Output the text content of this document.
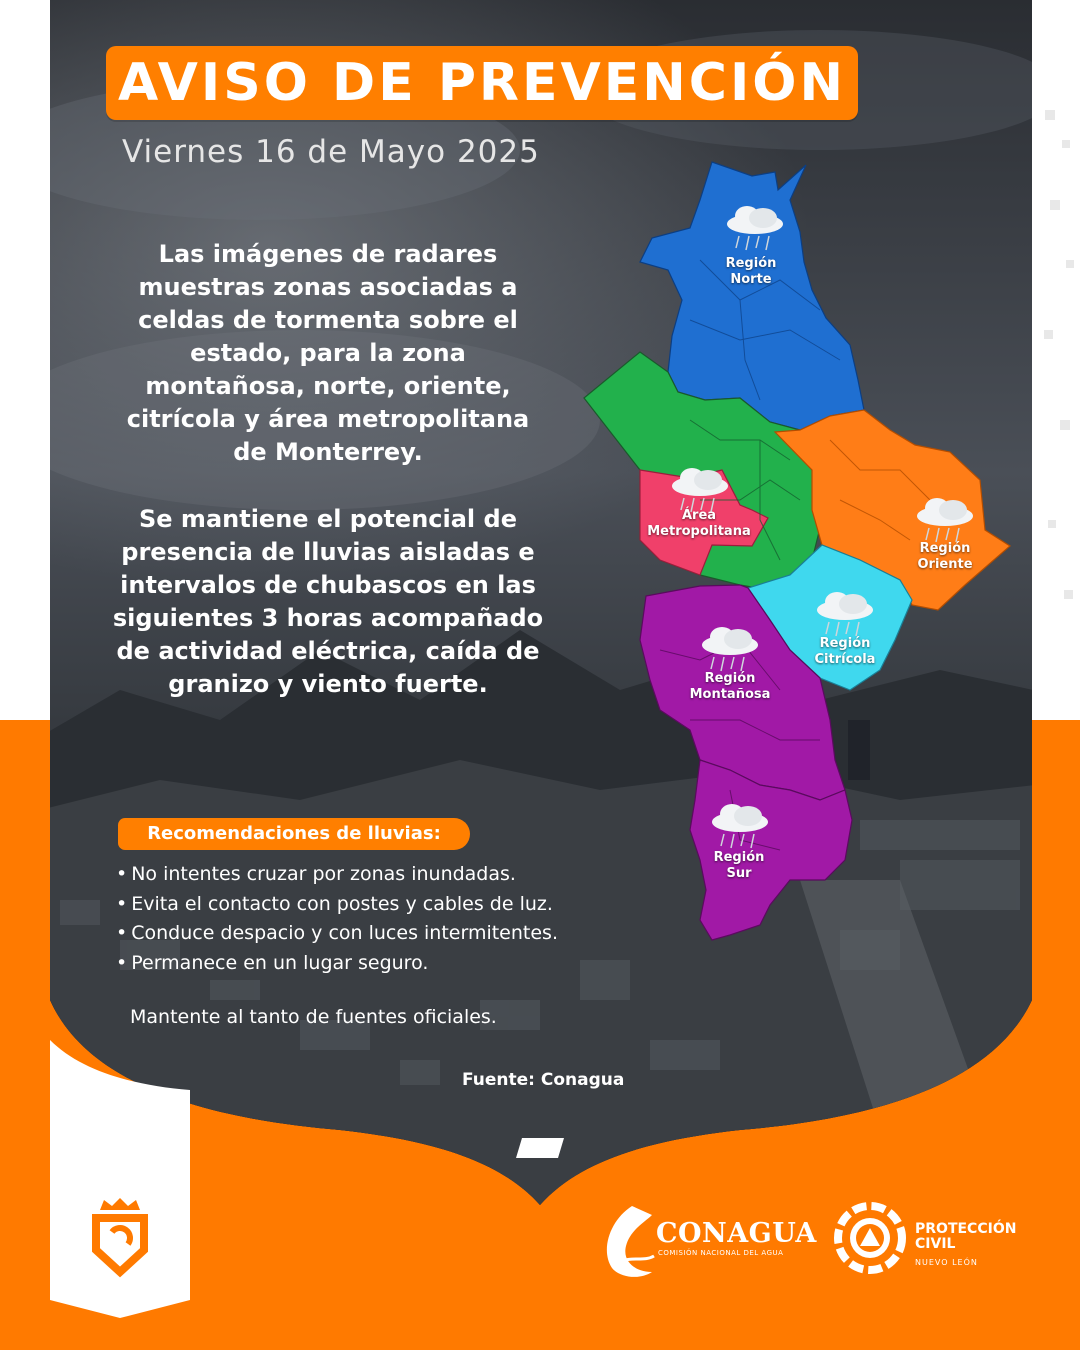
AVISO DE PREVENCIÓN
Viernes 16 de Mayo 2025
Las imágenes de radares muestras zonas asociadas a celdas de tormenta sobre el estado, para la zona montañosa, norte, oriente, citrícola y área metropolitana de Monterrey.
Se mantiene el potencial de presencia de lluvias aisladas e intervalos de chubascos en las siguientes 3 horas acompañado de actividad eléctrica, caída de granizo y viento fuerte.
Región
Norte
Área
Metropolitana
Región
Oriente
Región
Citrícola
Región
Montañosa
Región
Sur
Recomendaciones de lluvias:
• No intentes cruzar por zonas inundadas.
• Evita el contacto con postes y cables de luz.
• Conduce despacio y con luces intermitentes.
• Permanece en un lugar seguro.
Mantente al tanto de fuentes oficiales.
Fuente: Conagua
CONAGUA
COMISIÓN NACIONAL DEL AGUA
PROTECCIÓN
CIVIL
NUEVO LEÓN
